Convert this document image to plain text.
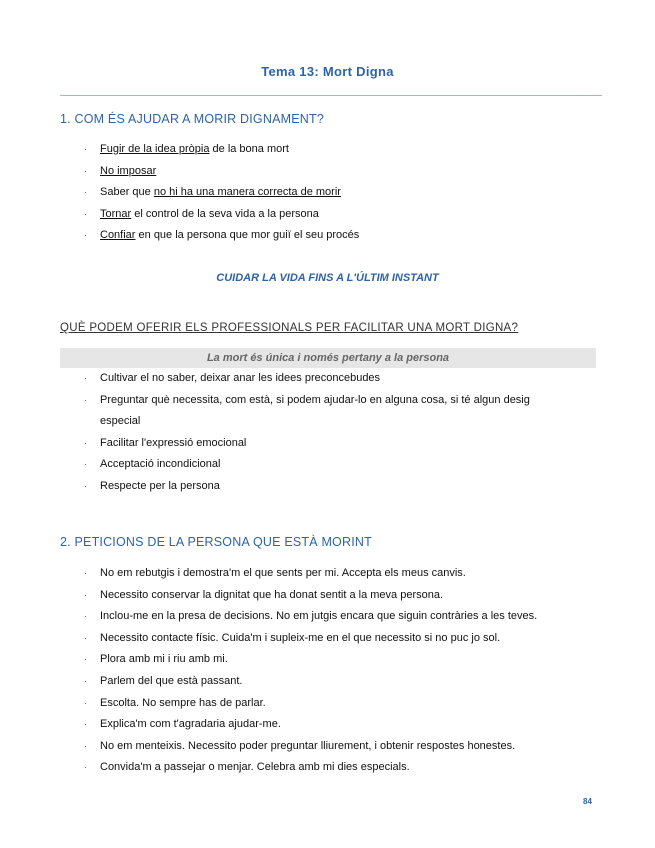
Tema 13: Mort Digna
1. COM ÉS AJUDAR A MORIR DIGNAMENT?
· Fugir de la idea pròpia de la bona mort
· No imposar
· Saber que no hi ha una manera correcta de morir
· Tornar el control de la seva vida a la persona
· Confiar en que la persona que mor guiï el seu procés
CUIDAR LA VIDA FINS A L'ÚLTIM INSTANT
QUÈ PODEM OFERIR ELS PROFESSIONALS PER FACILITAR UNA MORT DIGNA?
La mort és única i només pertany a la persona
· Cultivar el no saber, deixar anar les idees preconcebudes
· Preguntar què necessita, com està, si podem ajudar-lo en alguna cosa, si té algun desig
especial
· Facilitar l'expressió emocional
· Acceptació incondicional
· Respecte per la persona
2. PETICIONS DE LA PERSONA QUE ESTÀ MORINT
· No em rebutgis i demostra'm el que sents per mi. Accepta els meus canvis.
· Necessito conservar la dignitat que ha donat sentit a la meva persona.
· Inclou-me en la presa de decisions. No em jutgis encara que siguin contràries a les teves.
· Necessito contacte físic. Cuida'm i supleix-me en el que necessito si no puc jo sol.
· Plora amb mi i riu amb mi.
· Parlem del que està passant.
· Escolta. No sempre has de parlar.
· Explica'm com t'agradaria ajudar-me.
· No em menteixis. Necessito poder preguntar lliurement, i obtenir respostes honestes.
· Convida'm a passejar o menjar. Celebra amb mi dies especials.
84
